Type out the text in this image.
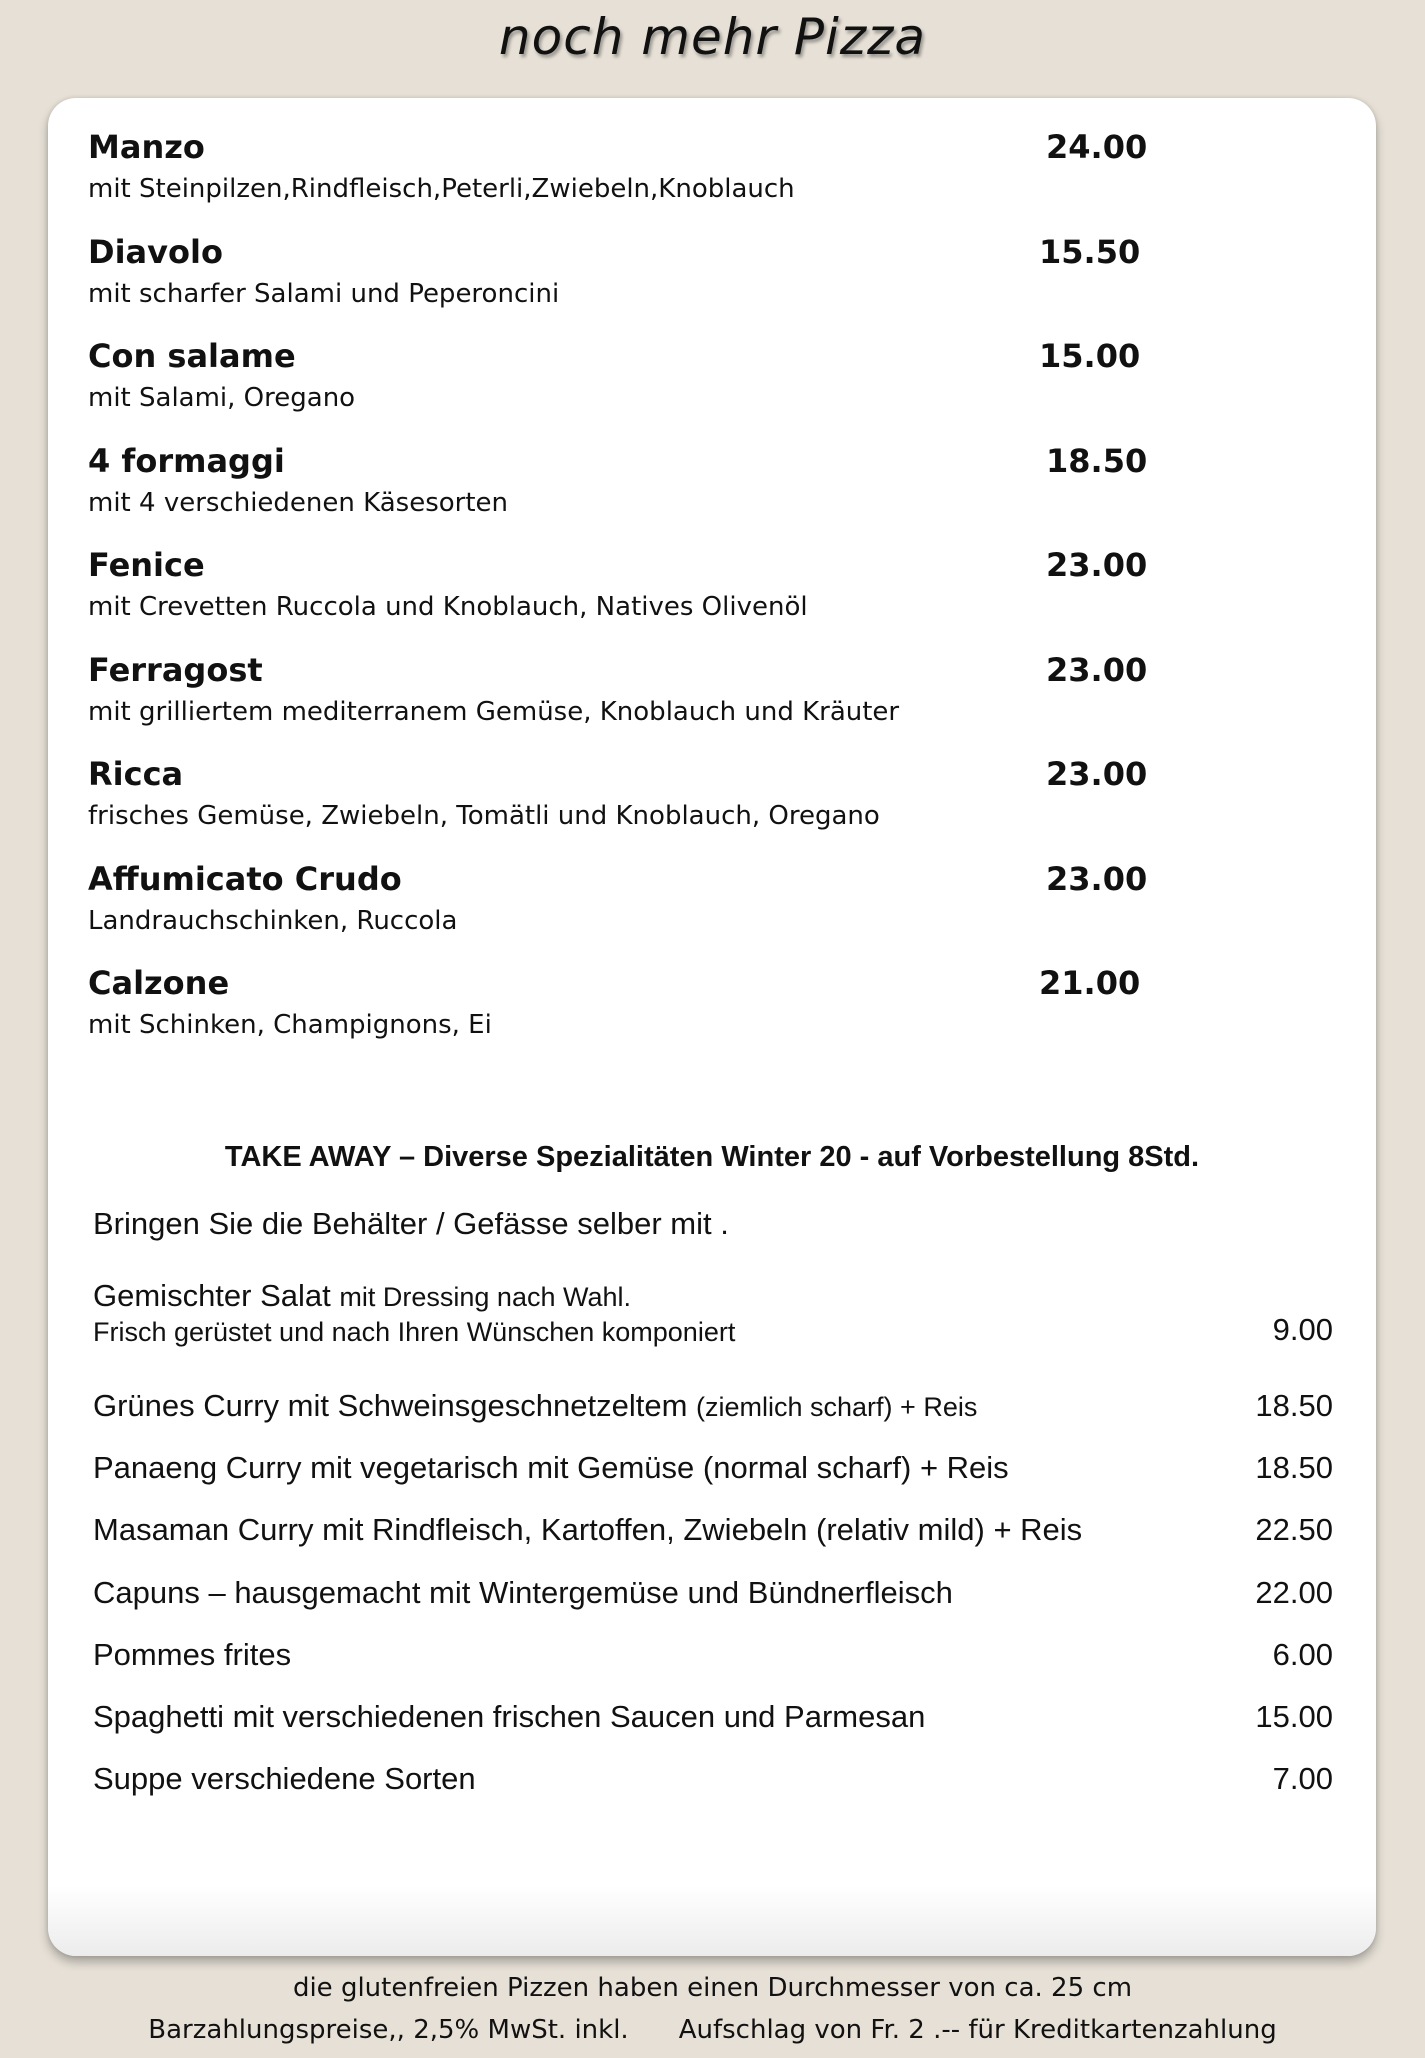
noch mehr Pizza
Manzo	24.00
mit Steinpilzen,Rindfleisch,Peterli,Zwiebeln,Knoblauch
Diavolo	15.50
mit scharfer Salami und Peperoncini
Con salame	15.00
mit Salami, Oregano
4 formaggi	18.50
mit 4 verschiedenen Käsesorten
Fenice	23.00
mit Crevetten Ruccola und Knoblauch, Natives Olivenöl
Ferragost	23.00
mit grilliertem mediterranem Gemüse, Knoblauch und Kräuter
Ricca	23.00
frisches Gemüse, Zwiebeln, Tomätli und Knoblauch, Oregano
Affumicato Crudo	23.00
Landrauchschinken, Ruccola
Calzone	21.00
mit Schinken, Champignons, Ei
TAKE AWAY – Diverse Spezialitäten Winter 20 - auf Vorbestellung 8Std.
Bringen Sie die Behälter / Gefässe selber mit .
Gemischter Salat mit Dressing nach Wahl.
Frisch gerüstet und nach Ihren Wünschen komponiert	9.00
Grünes Curry mit Schweinsgeschnetzeltem (ziemlich scharf) + Reis	18.50
Panaeng Curry mit vegetarisch mit Gemüse (normal scharf) + Reis	18.50
Masaman Curry mit Rindfleisch, Kartoffen, Zwiebeln (relativ mild) + Reis	22.50
Capuns – hausgemacht mit Wintergemüse und Bündnerfleisch	22.00
Pommes frites	6.00
Spaghetti mit verschiedenen frischen Saucen und Parmesan	15.00
Suppe verschiedene Sorten	7.00
die glutenfreien Pizzen haben einen Durchmesser von ca. 25 cm
Barzahlungspreise,, 2,5% MwSt. inkl. Aufschlag von Fr. 2 .-- für Kreditkartenzahlung
